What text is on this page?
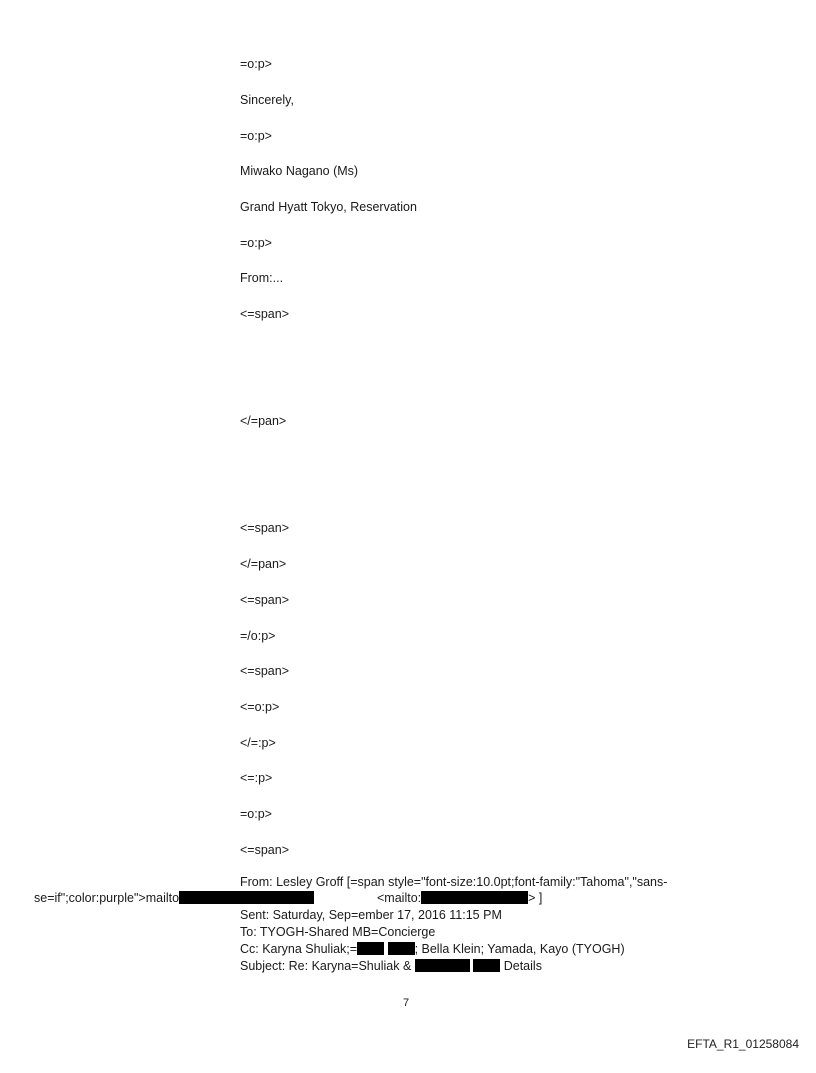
=o:p>
Sincerely,
=o:p>
Miwako Nagano (Ms)
Grand Hyatt Tokyo, Reservation
=o:p>
From:...
<=span>
</=pan>
<=span>
</=pan>
<=span>
=/o:p>
<=span>
<=o:p>
</=:p>
<=:p>
=o:p>
<=span>
From: Lesley Groff [=span style="font-size:10.0pt;font-family:"Tahoma","sans-
se=if";color:purple">mailto	<mailto:	> ]
Sent: Saturday, Sep=ember 17, 2016 11:15 PM
To: TYOGH-Shared MB=Concierge
Cc: Karyna Shuliak;=	; Bella Klein; Yamada, Kayo (TYOGH)
Subject: Re: Karyna=Shuliak &	Details
7
EFTA_R1_01258084
